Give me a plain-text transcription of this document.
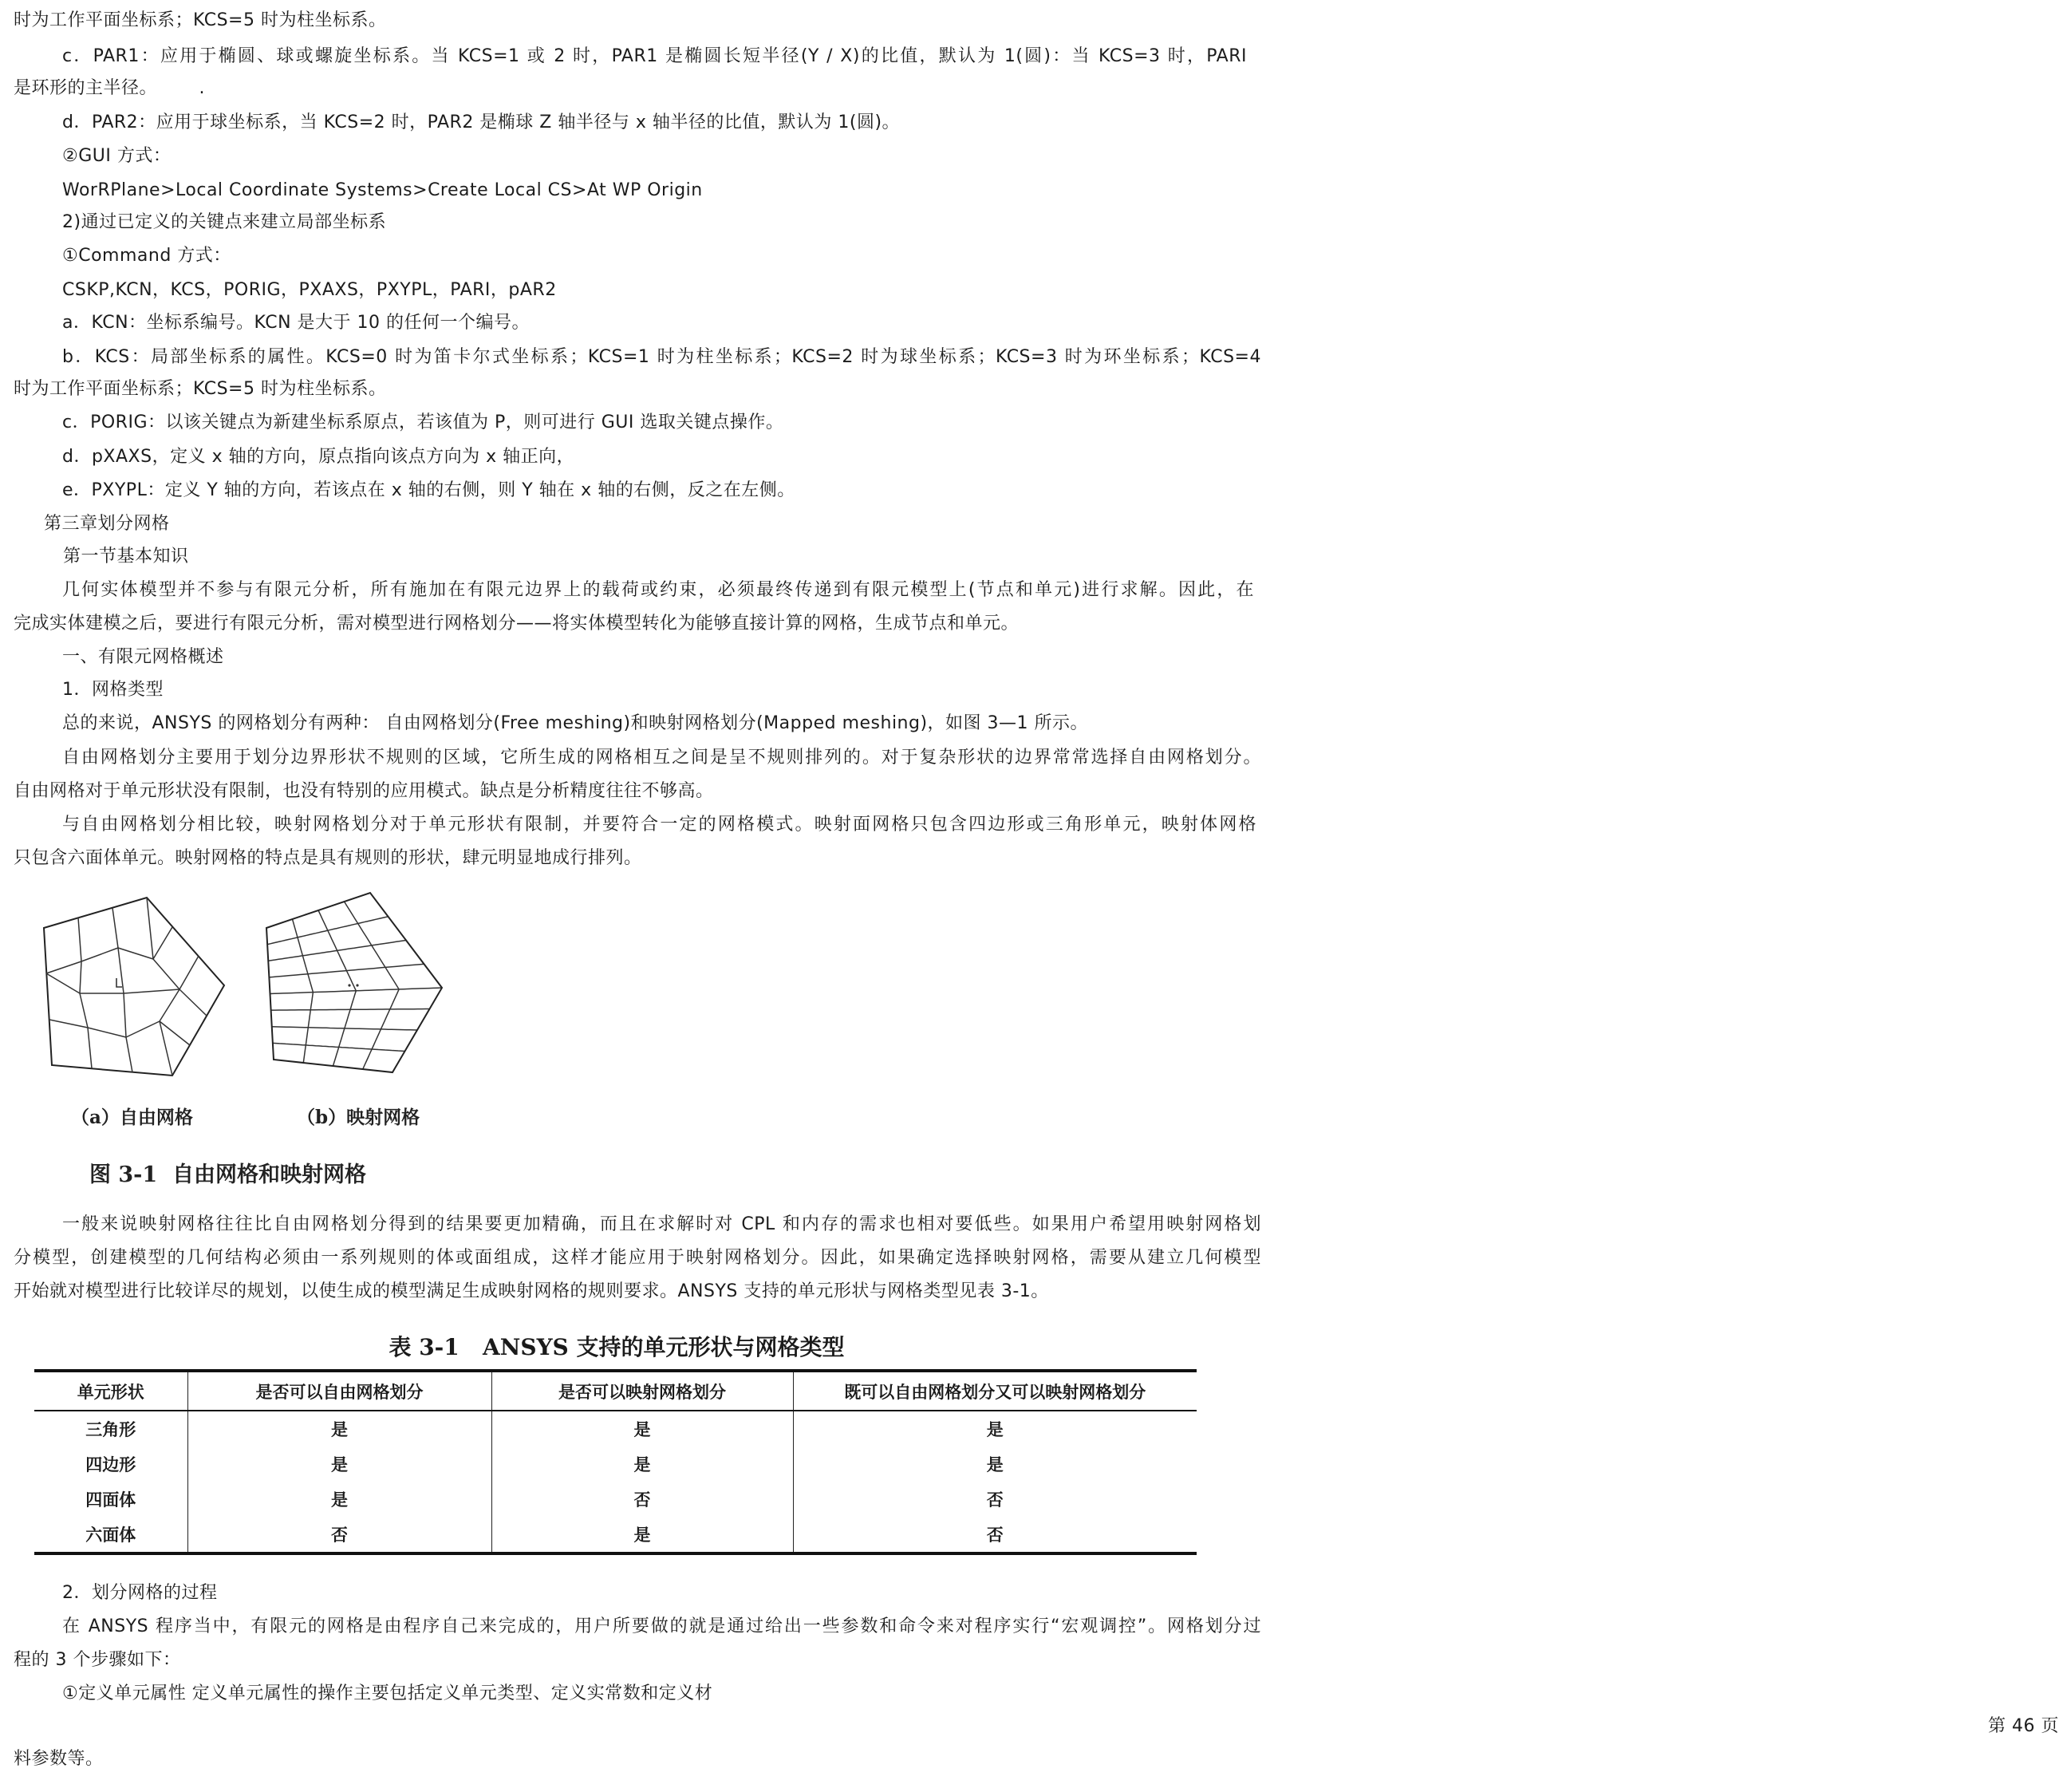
时为工作平面坐标系；KCS=5 时为柱坐标系。
c．PAR1：应用于椭圆、球或螺旋坐标系。当 KCS=1 或 2 时，PAR1 是椭圆长短半径(Y / X)的比值，默认为 1(圆)：当 KCS=3 时，PARI
是环形的主半径。       .
d．PAR2：应用于球坐标系，当 KCS=2 时，PAR2 是椭球 Z 轴半径与 x 轴半径的比值，默认为 1(圆)。
②GUI 方式：
WorRPlane>Local Coordinate Systems>Create Local CS>At WP Origin
2)通过已定义的关键点来建立局部坐标系
①Command 方式：
CSKP,KCN，KCS，PORIG，PXAXS，PXYPL，PARI，pAR2
a．KCN：坐标系编号。KCN 是大于 10 的任何一个编号。
b．KCS：局部坐标系的属性。KCS=0 时为笛卡尔式坐标系；KCS=1 时为柱坐标系；KCS=2 时为球坐标系；KCS=3 时为环坐标系；KCS=4
时为工作平面坐标系；KCS=5 时为柱坐标系。
c．PORIG：以该关键点为新建坐标系原点，若该值为 P，则可进行 GUI 选取关键点操作。
d．pXAXS，定义 x 轴的方向，原点指向该点方向为 x 轴正向，
e．PXYPL：定义 Y 轴的方向，若该点在 x 轴的右侧，则 Y 轴在 x 轴的右侧，反之在左侧。
第三章划分网格
第一节基本知识
几何实体模型并不参与有限元分析，所有施加在有限元边界上的载荷或约束，必须最终传递到有限元模型上(节点和单元)进行求解。因此，在
完成实体建模之后，要进行有限元分析，需对模型进行网格划分——将实体模型转化为能够直接计算的网格，生成节点和单元。
一、有限元网格概述
1．网格类型
总的来说，ANSYS 的网格划分有两种： 自由网格划分(Free meshing)和映射网格划分(Mapped meshing)，如图 3—1 所示。
自由网格划分主要用于划分边界形状不规则的区域，它所生成的网格相互之间是呈不规则排列的。对于复杂形状的边界常常选择自由网格划分。
自由网格对于单元形状没有限制，也没有特别的应用模式。缺点是分析精度往往不够高。
与自由网格划分相比较，映射网格划分对于单元形状有限制，并要符合一定的网格模式。映射面网格只包含四边形或三角形单元，映射体网格
只包含六面体单元。映射网格的特点是具有规则的形状，肆元明显地成行排列。
（a）自由网格	（b）映射网格
图 3-1  自由网格和映射网格
一般来说映射网格往往比自由网格划分得到的结果要更加精确，而且在求解时对 CPL 和内存的需求也相对要低些。如果用户希望用映射网格划
分模型，创建模型的几何结构必须由一系列规则的体或面组成，这样才能应用于映射网格划分。因此，如果确定选择映射网格，需要从建立几何模型
开始就对模型进行比较详尽的规划，以使生成的模型满足生成映射网格的规则要求。ANSYS 支持的单元形状与网格类型见表 3-1。
表 3-1   ANSYS 支持的单元形状与网格类型
单元形状	是否可以自由网格划分	是否可以映射网格划分	既可以自由网格划分又可以映射网格划分
三角形	是	是	是
四边形	是	是	是
四面体	是	否	否
六面体	否	是	否
2．划分网格的过程
在 ANSYS 程序当中，有限元的网格是由程序自己来完成的，用户所要做的就是通过给出一些参数和命令来对程序实行“宏观调控”。网格划分过
程的 3 个步骤如下：
①定义单元属性 定义单元属性的操作主要包括定义单元类型、定义实常数和定义材
第 46 页
料参数等。
